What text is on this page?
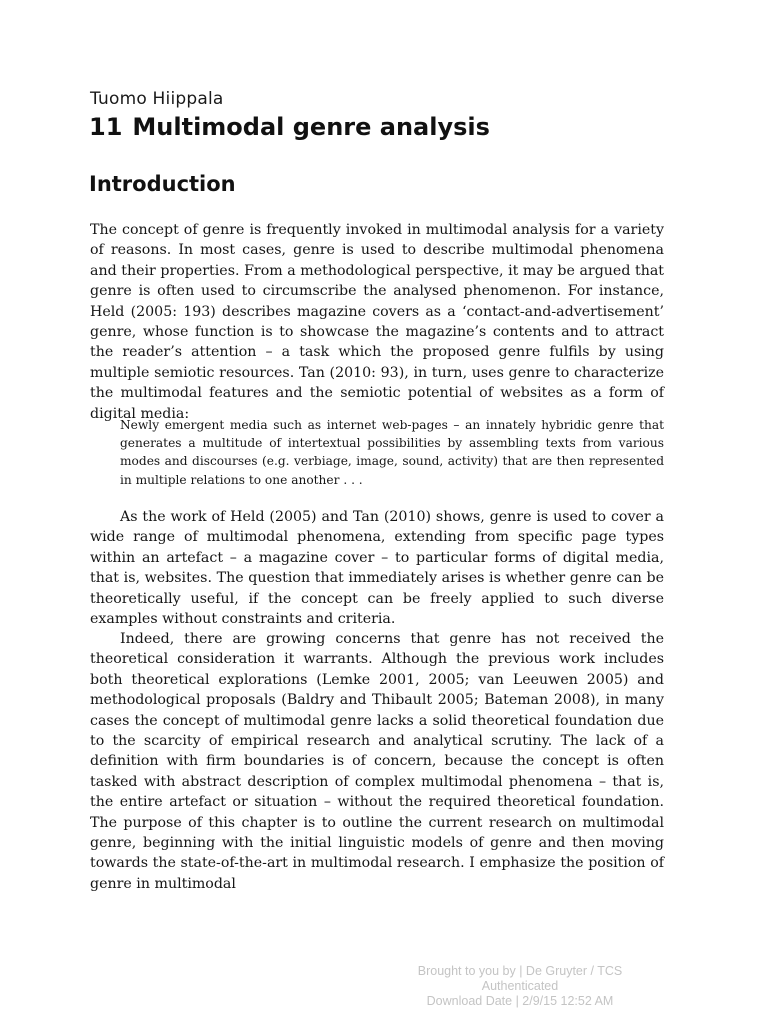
Tuomo Hiippala
11 Multimodal genre analysis
Introduction

The concept of genre is frequently invoked in multimodal analysis for a variety of reasons. In most cases, genre is used to describe multimodal phenomena and their properties. From a methodological perspective, it may be argued that genre is often used to circumscribe the analysed phenomenon. For instance, Held (2005: 193) describes magazine covers as a ‘contact-and-advertisement’ genre, whose function is to showcase the magazine’s contents and to attract the reader’s attention – a task which the proposed genre fulfils by using multiple semiotic resources. Tan (2010: 93), in turn, uses genre to characterize the multimodal features and the semiotic potential of websites as a form of digital media:

Newly emergent media such as internet web-pages – an innately hybridic genre that generates a multitude of intertextual possibilities by assembling texts from various modes and discourses (e.g. verbiage, image, sound, activity) that are then represented in multiple relations to one another . . .

As the work of Held (2005) and Tan (2010) shows, genre is used to cover a wide range of multimodal phenomena, extending from specific page types within an artefact – a magazine cover – to particular forms of digital media, that is, websites. The question that immediately arises is whether genre can be theoretically useful, if the concept can be freely applied to such diverse examples without constraints and criteria.

Indeed, there are growing concerns that genre has not received the theoretical consideration it warrants. Although the previous work includes both theoretical explorations (Lemke 2001, 2005; van Leeuwen 2005) and methodological proposals (Baldry and Thibault 2005; Bateman 2008), in many cases the concept of multimodal genre lacks a solid theoretical foundation due to the scarcity of empirical research and analytical scrutiny. The lack of a definition with firm boundaries is of concern, because the concept is often tasked with abstract description of complex multimodal phenomena – that is, the entire artefact or situation – without the required theoretical foundation. The purpose of this chapter is to outline the current research on multimodal genre, beginning with the initial linguistic models of genre and then moving towards the state-of-the-art in multimodal research. I emphasize the position of genre in multimodal

Brought to you by | De Gruyter / TCS
Authenticated
Download Date | 2/9/15 12:52 AM
